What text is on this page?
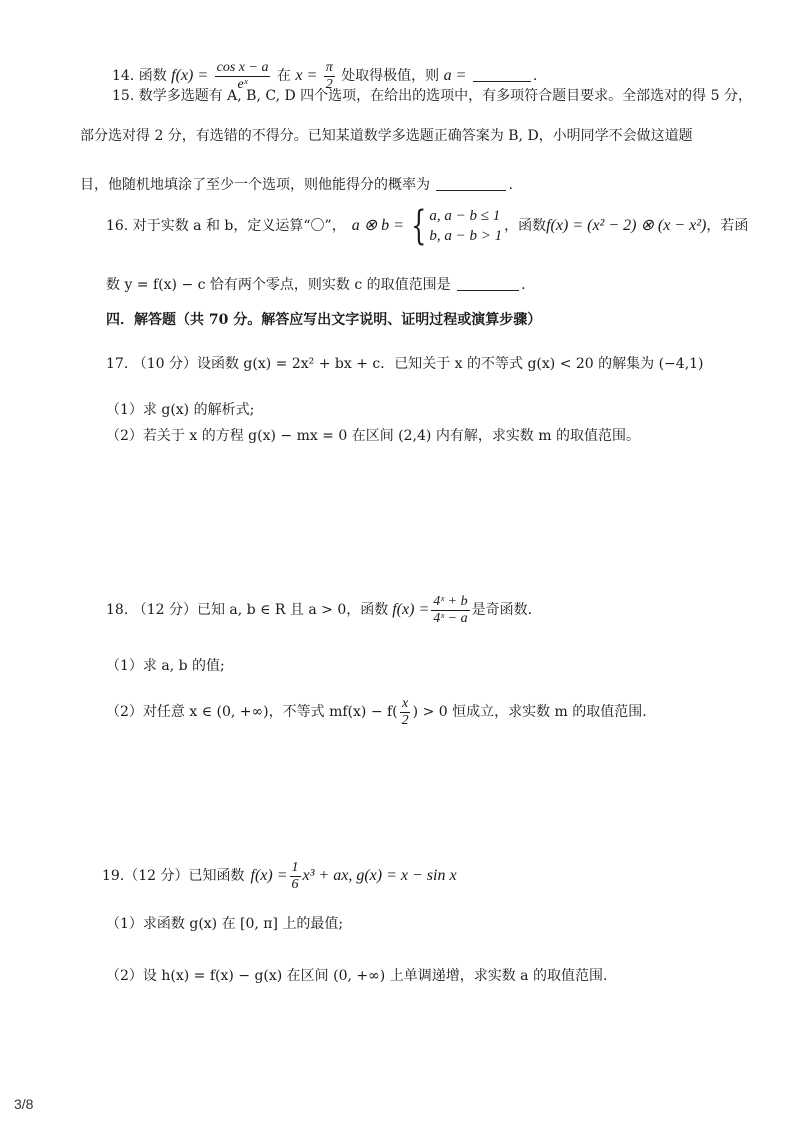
14. 函数 $f(x) = \frac{\text{cos x − a}}{\text{eˣ}}$ 在 $x = \frac{\pi}{2}$ 处取得极值，则 a =	.
15. 数学多选题有 A, B, C, D 四个选项，在给出的选项中，有多项符合题目要求。全部选对的得 5 分，
部分选对得 2 分，有选错的不得分。已知某道数学多选题正确答案为 B, D，小明同学不会做这道题
目，他随机地填涂了至少一个选项，则他能得分的概率为	.
16. 对于实数 a 和 b，定义运算“〇”， a ⊗ b = { a, a − b ≤ 1
b, a − b > 1
，函数 f(x) = (x² − 2) ⊗ (x − x²) ，若函
数 y = f(x) − c 恰有两个零点，则实数 c 的取值范围是	.
四．解答题（共 70 分。解答应写出文字说明、证明过程或演算步骤）
17. （10 分）设函数 g(x) = 2x² + bx + c．已知关于 x 的不等式 g(x) < 20 的解集为 (−4,1)
（1）求 g(x) 的解析式;
（2）若关于 x 的方程 g(x) − mx = 0 在区间 (2,4) 内有解，求实数 m 的取值范围。
18. （12 分）已知 a, b ∈ R 且 a > 0，函数 $f(x) = \frac{\text{4ˣ + b}}{\text{4ˣ − a}}$ 是奇函数.
（1）求 a, b 的值;
（2）对任意 x ∈ (0, +∞)，不等式 $mf(x) - f( \frac{x}{2}$ ) > 0 恒成立，求实数 m 的取值范围.
19.（12 分）已知函数 $f(x) = \frac{1}{6} x^3$ + ax, g(x) = x − sin x
（1）求函数 g(x) 在 [0, π] 上的最值;
（2）设 h(x) = f(x) − g(x) 在区间 (0, +∞) 上单调递增，求实数 a 的取值范围.
3/8
